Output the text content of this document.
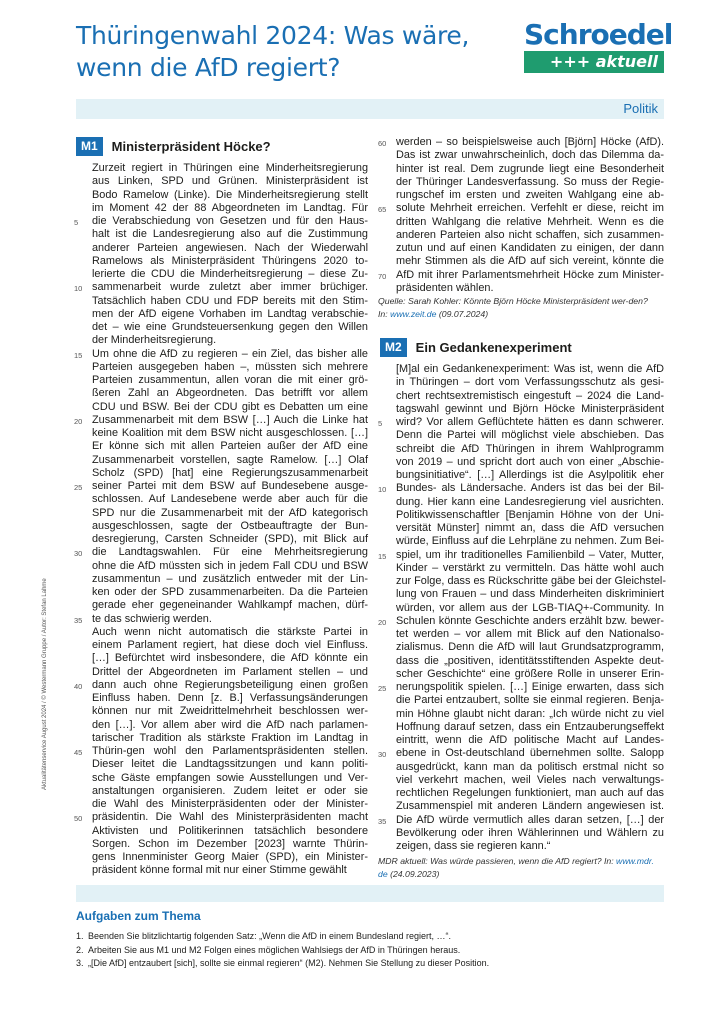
Thüringenwahl 2024: Was wäre,
wenn die AfD regiert?
Schroedel
+++ aktuell
Politik
Aktualitätenservice August 2024 / © Westermann Gruppe / Autor: Stefan Lahme
M1	Ministerpräsident Höcke?
Zurzeit regiert in Thüringen eine Minderheitsregierung
aus Linken, SPD und Grünen. Ministerpräsident ist
Bodo Ramelow (Linke). Die Minderheitsregierung stellt
im Moment 42 der 88 Abgeordneten im Landtag. Für
die Verabschiedung von Gesetzen und für den Haus-
5
halt ist die Landesregierung also auf die Zustimmung
anderer Parteien angewiesen. Nach der Wiederwahl
Ramelows als Ministerpräsident Thüringens 2020 to-
lerierte die CDU die Minderheitsregierung – diese Zu-
sammenarbeit wurde zuletzt aber immer brüchiger.
10
Tatsächlich haben CDU und FDP bereits mit den Stim-
men der AfD eigene Vorhaben im Landtag verabschie-
det – wie eine Grundsteuersenkung gegen den Willen
der Minderheitsregierung.
Um ohne die AfD zu regieren – ein Ziel, das bisher alle
15
Parteien ausgegeben haben –, müssten sich mehrere
Parteien zusammentun, allen voran die mit einer grö-
ßeren Zahl an Abgeordneten. Das betrifft vor allem
CDU und BSW. Bei der CDU gibt es Debatten um eine
Zusammenarbeit mit dem BSW […] Auch die Linke hat
20
keine Koalition mit dem BSW nicht ausgeschlossen. […]
Er könne sich mit allen Parteien außer der AfD eine
Zusammenarbeit vorstellen, sagte Ramelow. […] Olaf
Scholz (SPD) [hat] eine Regierungszusammenarbeit
seiner Partei mit dem BSW auf Bundesebene ausge-
25
schlossen. Auf Landesebene werde aber auch für die
SPD nur die Zusammenarbeit mit der AfD kategorisch
ausgeschlossen, sagte der Ostbeauftragte der Bun-
desregierung, Carsten Schneider (SPD), mit Blick auf
die Landtagswahlen. Für eine Mehrheitsregierung
30
ohne die AfD müssten sich in jedem Fall CDU und BSW
zusammentun – und zusätzlich entweder mit der Lin-
ken oder der SPD zusammenarbeiten. Da die Parteien
gerade eher gegeneinander Wahlkampf machen, dürf-
te das schwierig werden.
35
Auch wenn nicht automatisch die stärkste Partei in
einem Parlament regiert, hat diese doch viel Einfluss.
[…] Befürchtet wird insbesondere, die AfD könnte ein
Drittel der Abgeordneten im Parlament stellen – und
dann auch ohne Regierungsbeteiligung einen großen
40
Einfluss haben. Denn [z. B.] Verfassungsänderungen
können nur mit Zweidrittelmehrheit beschlossen wer-
den […]. Vor allem aber wird die AfD nach parlamen-
tarischer Tradition als stärkste Fraktion im Landtag in
Thürin-gen wohl den Parlamentspräsidenten stellen.
45
Dieser leitet die Landtagssitzungen und kann politi-
sche Gäste empfangen sowie Ausstellungen und Ver-
anstaltungen organisieren. Zudem leitet er oder sie
die Wahl des Ministerpräsidenten oder der Minister-
präsidentin. Die Wahl des Ministerpräsidenten macht
50
Aktivisten und Politikerinnen tatsächlich besondere
Sorgen. Schon im Dezember [2023] warnte Thürin-
gens Innenminister Georg Maier (SPD), ein Minister-
präsident könne formal mit nur einer Stimme gewählt
werden – so beispielsweise auch [Björn] Höcke (AfD).
60
Das ist zwar unwahrscheinlich, doch das Dilemma da-
hinter ist real. Dem zugrunde liegt eine Besonderheit
der Thüringer Landesverfassung. So muss der Regie-
rungschef im ersten und zweiten Wahlgang eine ab-
solute Mehrheit erreichen. Verfehlt er diese, reicht im
65
dritten Wahlgang die relative Mehrheit. Wenn es die
anderen Parteien also nicht schaffen, sich zusammen-
zutun und auf einen Kandidaten zu einigen, der dann
mehr Stimmen als die AfD auf sich vereint, könnte die
AfD mit ihrer Parlamentsmehrheit Höcke zum Minister-
70
präsidenten wählen.
Quelle: Sarah Kohler: Könnte Björn Höcke Ministerpräsident wer-den?
In: www.zeit.de (09.07.2024)
M2	Ein Gedankenexperiment
[M]al ein Gedankenexperiment: Was ist, wenn die AfD
in Thüringen – dort vom Verfassungsschutz als gesi-
chert rechtsextremistisch eingestuft – 2024 die Land-
tagswahl gewinnt und Björn Höcke Ministerpräsident
wird? Vor allem Geflüchtete hätten es dann schwerer.
5
Denn die Partei will möglichst viele abschieben. Das
schreibt die AfD Thüringen in ihrem Wahlprogramm
von 2019 – und spricht dort auch von einer „Abschie-
bungsinitiative“. […] Allerdings ist die Asylpolitik eher
Bundes- als Ländersache. Anders ist das bei der Bil-
10
dung. Hier kann eine Landesregierung viel ausrichten.
Politikwissenschaftler [Benjamin Höhne von der Uni-
versität Münster] nimmt an, dass die AfD versuchen
würde, Einfluss auf die Lehrpläne zu nehmen. Zum Bei-
spiel, um ihr traditionelles Familienbild – Vater, Mutter,
15
Kinder – verstärkt zu vermitteln. Das hätte wohl auch
zur Folge, dass es Rückschritte gäbe bei der Gleichstel-
lung von Frauen – und dass Minderheiten diskriminiert
würden, vor allem aus der LGB-TIAQ+-Community. In
Schulen könnte Geschichte anders erzählt bzw. bewer-
20
tet werden – vor allem mit Blick auf den Nationalso-
zialismus. Denn die AfD will laut Grundsatzprogramm,
dass die „positiven, identitätsstiftenden Aspekte deut-
scher Geschichte“ eine größere Rolle in unserer Erin-
nerungspolitik spielen. […] Einige erwarten, dass sich
25
die Partei entzaubert, sollte sie einmal regieren. Benja-
min Höhne glaubt nicht daran: „Ich würde nicht zu viel
Hoffnung darauf setzen, dass ein Entzauberungseffekt
eintritt, wenn die AfD politische Macht auf Landes-
ebene in Ost-deutschland übernehmen sollte. Salopp
30
ausgedrückt, kann man da politisch erstmal nicht so
viel verkehrt machen, weil Vieles nach verwaltungs-
rechtlichen Regelungen funktioniert, man auch auf das
Zusammenspiel mit anderen Ländern angewiesen ist.
Die AfD würde vermutlich alles daran setzen, […] der
35
Bevölkerung oder ihren Wählerinnen und Wählern zu
zeigen, dass sie regieren kann.“
MDR aktuell: Was würde passieren, wenn die AfD regiert? In: www.mdr.
de (24.09.2023)
Aufgaben zum Thema
1. Beenden Sie blitzlichtartig folgenden Satz: „Wenn die AfD in einem Bundesland regiert, …“.
2. Arbeiten Sie aus M1 und M2 Folgen eines möglichen Wahlsiegs der AfD in Thüringen heraus.
3. „[Die AfD] entzaubert [sich], sollte sie einmal regieren“ (M2). Nehmen Sie Stellung zu dieser Position.
